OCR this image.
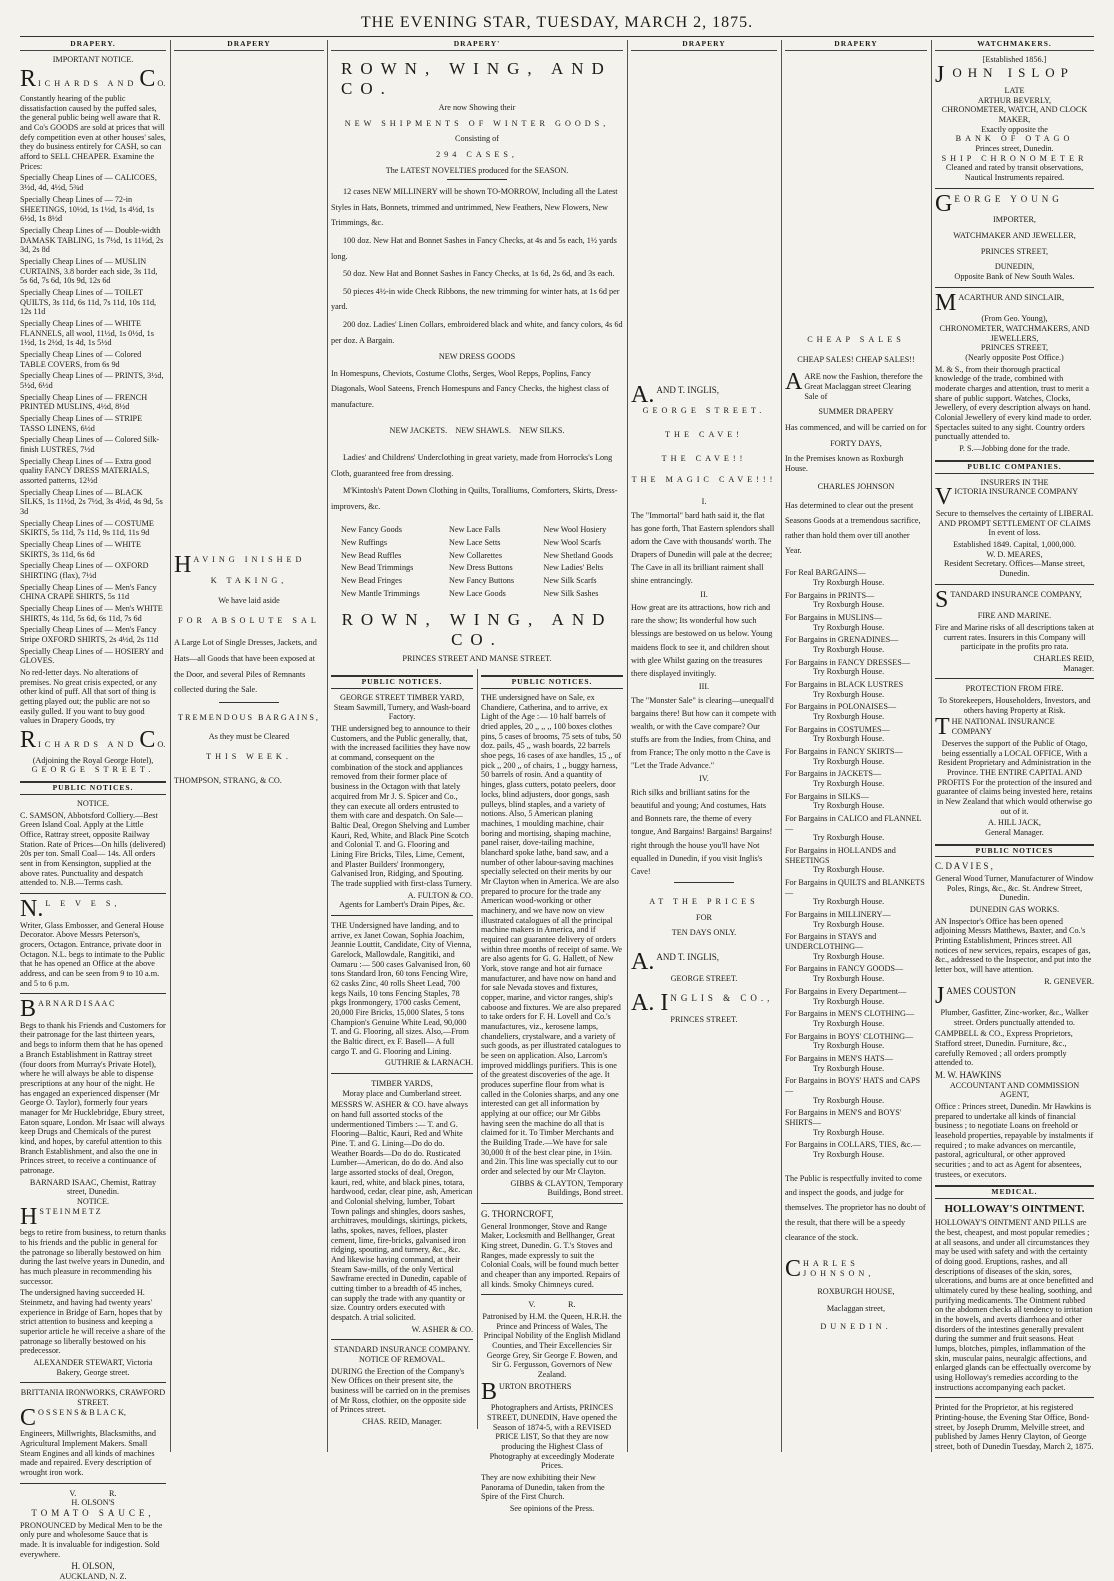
THE EVENING STAR, TUESDAY, MARCH 2, 1875.
DRAPERY.
IMPORTANT NOTICE.
RICHARDS AND C O.

Constantly hearing of the public dissatisfaction caused by the puffed sales, the general public being well aware that R. and Co's GOODS are sold at prices that will defy competition even at other houses' sales, they do business entirely for CASH, so can afford to SELL CHEAPER. Examine the Prices:

Specially Cheap Lines of — CALICOES, 3½d, 4d, 4½d, 5¾d

Specially Cheap Lines of — 72-in SHEETINGS, 10½d, 1s 1½d, 1s 4½d, 1s 6½d, 1s 8½d

Specially Cheap Lines of — Double-width DAMASK TABLING, 1s 7½d, 1s 11½d, 2s 3d, 2s 8d

Specially Cheap Lines of — MUSLIN CURTAINS, 3.8 border each side, 3s 11d, 5s 6d, 7s 6d, 10s 9d, 12s 6d

Specially Cheap Lines of — TOILET QUILTS, 3s 11d, 6s 11d, 7s 11d, 10s 11d, 12s 11d

Specially Cheap Lines of — WHITE FLANNELS, all wool, 11½d, 1s 0½d, 1s 1½d, 1s 2½d, 1s 4d, 1s 5½d

Specially Cheap Lines of — Colored TABLE COVERS, from 6s 9d

Specially Cheap Lines of — PRINTS, 3½d, 5½d, 6½d

Specially Cheap Lines of — FRENCH PRINTED MUSLINS, 4½d, 8½d

Specially Cheap Lines of — STRIPE TASSO LINENS, 6½d

Specially Cheap Lines of — Colored Silk-finish LUSTRES, 7½d

Specially Cheap Lines of — Extra good quality FANCY DRESS MATERIALS, assorted patterns, 12½d

Specially Cheap Lines of — BLACK SILKS, 1s 11½d, 2s 7½d, 3s 4½d, 4s 9d, 5s 3d

Specially Cheap Lines of — COSTUME SKIRTS, 5s 11d, 7s 11d, 9s 11d, 11s 9d

Specially Cheap Lines of — WHITE SKIRTS, 3s 11d, 6s 6d

Specially Cheap Lines of — OXFORD SHIRTING (flax), 7½d

Specially Cheap Lines of — Men's Fancy CHINA CRAPE SHIRTS, 5s 11d

Specially Cheap Lines of — Men's WHITE SHIRTS, 4s 11d, 5s 6d, 6s 11d, 7s 6d

Specially Cheap Lines of — Men's Fancy Stripe OXFORD SHIRTS, 2s 4½d, 2s 11d

Specially Cheap Lines of — HOSIERY and GLOVES.

No red-letter days. No alterations of premises. No great crisis expected, or any other kind of puff. All that sort of thing is getting played out; the public are not so easily gulled. If you want to buy good values in Drapery Goods, try

RICHARDS AND C O.
(Adjoining the Royal George Hotel),
GEORGE STREET.
PUBLIC NOTICES.
NOTICE.

C. SAMSON, Abbotsford Colliery.—Best Green Island Coal. Apply at the Little Office, Rattray street, opposite Railway Station. Rate of Prices—On hills (delivered) 20s per ton. Small Coal— 14s. All orders sent in from Kensington, supplied at the above rates. Punctuality and despatch attended to. N.B.—Terms cash.

N. L E V E S,

Writer, Glass Embosser, and General House Decorator. Above Messrs Peterson's, grocers, Octagon. Entrance, private door in Octagon. N.L. begs to intimate to the Public that he has opened an Office at the above address, and can be seen from 9 to 10 a.m. and 5 to 6 p.m.

B A R N A R D I S A A C

Begs to thank his Friends and Customers for their patronage for the last thirteen years, and begs to inform them that he has opened a Branch Establishment in Rattray street (four doors from Murray's Private Hotel), where he will always be able to dispense prescriptions at any hour of the night. He has engaged an experienced dispenser (Mr George O. Taylor), formerly four years manager for Mr Hucklebridge, Ebury street, Eaton square, London. Mr Isaac will always keep Drugs and Chemicals of the purest kind, and hopes, by careful attention to this Branch Establishment, and also the one in Princes street, to receive a continuance of patronage.

BARNARD ISAAC, Chemist, Rattray street, Dunedin.
NOTICE.
H S T E I N M E T Z

begs to retire from business, to return thanks to his friends and the public in general for the patronage so liberally bestowed on him during the last twelve years in Dunedin, and has much pleasure in recommending his successor.

The undersigned having succeeded H. Steinmetz, and having had twenty years' experience in Bridge of Earn, hopes that by strict attention to business and keeping a superior article he will receive a share of the patronage so liberally bestowed on his predecessor.

ALEXANDER STEWART, Victoria Bakery, George street.
BRITTANIA IRONWORKS, CRAWFORD STREET.
C O S S E N S & B L A C K,

Engineers, Millwrights, Blacksmiths, and Agricultural Implement Makers. Small Steam Engines and all kinds of machines made and repaired. Every description of wrought iron work.

V.                R.
H. OLSON'S
TOMATO SAUCE,

PRONOUNCED by Medical Men to be the only pure and wholesome Sauce that is made. It is invaluable for indigestion. Sold everywhere.

H. OLSON,
AUCKLAND, N. Z.
DRAPERY
HAVING INISHED
K TAKING,
We have laid aside
FOR ABSOLUTE SAL

A Large Lot of Single Dresses, Jackets, and Hats—all Goods that have been exposed at the Door, and several Piles of Remnants collected during the Sale.

TREMENDOUS BARGAINS,
As they must be Cleared
THIS WEEK.
THOMPSON, STRANG, & CO.
DRAPERY'
ROWN, WING, AND CO.
Are now Showing their
NEW SHIPMENTS OF WINTER GOODS,
Consisting of
294 CASES,
The LATEST NOVELTIES produced for the SEASON.

12 cases NEW MILLINERY will be shown TO-MORROW, Including all the Latest Styles in Hats, Bonnets, trimmed and untrimmed, New Feathers, New Flowers, New Trimmings, &c.

100 doz. New Hat and Bonnet Sashes in Fancy Checks, at 4s and 5s each, 1½ yards long.

50 doz. New Hat and Bonnet Sashes in Fancy Checks, at 1s 6d, 2s 6d, and 3s each.

50 pieces 4½-in wide Check Ribbons, the new trimming for winter hats, at 1s 6d per yard.

200 doz. Ladies' Linen Collars, embroidered black and white, and fancy colors, 4s 6d per doz. A Bargain.

NEW DRESS GOODS

In Homespuns, Cheviots, Costume Cloths, Serges, Wool Repps, Poplins, Fancy Diagonals, Wool Sateens, French Homespuns and Fancy Checks, the highest class of manufacture.

NEW JACKETS.    NEW SHAWLS.    NEW SILKS.

Ladies' and Childrens' Underclothing in great variety, made from Horrocks's Long Cloth, guaranteed free from dressing.

M'Kintosh's Patent Down Clothing in Quilts, Toralliums, Comforters, Skirts, Dress-improvers, &c.

New Fancy Goods

New Ruffings

New Bead Ruffles

New Bead Trimmings

New Bead Fringes

New Mantle Trimmings

New Lace Falls

New Lace Setts

New Collarettes

New Dress Buttons

New Fancy Buttons

New Lace Goods

New Wool Hosiery

New Wool Scarfs

New Shetland Goods

New Ladies' Belts

New Silk Scarfs

New Silk Sashes

ROWN, WING, AND CO.
PRINCES STREET AND MANSE STREET.
PUBLIC NOTICES.
GEORGE STREET TIMBER YARD, Steam Sawmill, Turnery, and Wash-board Factory.

THE undersigned beg to announce to their Customers, and the Public generally, that, with the increased facilities they have now at command, consequent on the combination of the stock and appliances removed from their former place of business in the Octagon with that lately acquired from Mr J. S. Spicer and Co., they can execute all orders entrusted to them with care and despatch. On Sale— Baltic Deal, Oregon Shelving and Lumber Kauri, Red, White, and Black Pine Scotch and Colonial T. and G. Flooring and Lining Fire Bricks, Tiles, Lime, Cement, and Plaster Builders' Ironmongery, Galvanised Iron, Ridging, and Spouting. The trade supplied with first-class Turnery.

A. FULTON & CO.
Agents for Lambert's Drain Pipes, &c.

THE Undersigned have landing, and to arrive, ex Janet Cowan, Sophia Joachim, Jeannie Louttit, Candidate, City of Vienna, Garelock, Mallowdale, Rangitiki, and Oamaru :— 500 cases Galvanised Iron, 60 tons Standard Iron, 60 tons Fencing Wire, 62 casks Zinc, 40 rolls Sheet Lead, 700 kegs Nails, 10 tons Fencing Staples, 78 pkgs Ironmongery, 1700 casks Cement, 20,000 Fire Bricks, 15,000 Slates, 5 tons Champion's Genuine White Lead, 90,000 T. and G. Flooring, all sizes. Also,—From the Baltic direct, ex F. Basell— A full cargo T. and G. Flooring and Lining.

GUTHRIE & LARNACH.
TIMBER YARDS,
Moray place and Cumberland street.

MESSRS W. ASHER & CO. have always on hand full assorted stocks of the undermentioned Timbers :— T. and G. Flooring—Baltic, Kauri, Red and White Pine. T. and G. Lining—Do do do. Weather Boards—Do do do. Rusticated Lumber—American, do do do. And also large assorted stocks of deal, Oregon, kauri, red, white, and black pines, totara, hardwood, cedar, clear pine, ash, American and Colonial shelving, lumber, Tobart Town palings and shingles, doors sashes, architraves, mouldings, skirtings, pickets, laths, spokes, naves, felloes, plaster cement, lime, fire-bricks, galvanised iron ridging, spouting, and turnery, &c., &c. And likewise having command, at their Steam Saw-mills, of the only Vertical Sawframe erected in Dunedin, capable of cutting timber to a breadth of 45 inches, can supply the trade with any quantity or size. Country orders executed with despatch. A trial solicited.

W. ASHER & CO.
STANDARD INSURANCE COMPANY.
NOTICE OF REMOVAL.

DURING the Erection of the Company's New Offices on their present site, the business will be carried on in the premises of Mr Ross, clothier, on the opposite side of Princes street.

CHAS. REID, Manager.
PUBLIC NOTICES.

THE undersigned have on Sale, ex Chandiere, Catherina, and to arrive, ex Light of the Age :— 10 half barrels of dried apples, 20 ,, ,, ,, 100 boxes clothes pins, 5 cases of brooms, 75 sets of tubs, 50 doz. pails, 45 ,, wash boards, 22 barrels shoe pegs, 16 cases of axe handles, 15 ,, of pick ,, 200 ,, of chairs, 1 ,, buggy harness, 50 barrels of rosin. And a quantity of hinges, glass cutters, potato peelers, door locks, blind adjusters, door gongs, sash pulleys, blind staples, and a variety of notions. Also, 5 American planing machines, 1 moulding machine, chair boring and mortising, shaping machine, panel raiser, dove-tailing machine, blanchard spoke lathe, band saw, and a number of other labour-saving machines specially selected on their merits by our Mr Clayton when in America. We are also prepared to procure for the trade any American wood-working or other machinery, and we have now on view illustrated catalogues of all the principal machine makers in America, and if required can guarantee delivery of orders within three months of receipt of same. We are also agents for G. G. Hallett, of New York, stove range and hot air furnace manufacturer, and have now on hand and for sale Nevada stoves and fixtures, copper, marine, and victor ranges, ship's caboose and fixtures. We are also prepared to take orders for F. H. Lovell and Co.'s manufactures, viz., kerosene lamps, chandeliers, crystalware, and a variety of such goods, as per illustrated catalogues to be seen on application. Also, Larcom's improved middlings purifiers. This is one of the greatest discoveries of the age. It produces superfine flour from what is called in the Colonies sharps, and any one interested can get all information by applying at our office; our Mr Gibbs having seen the machine do all that is claimed for it. To Timber Merchants and the Building Trade.—We have for sale 30,000 ft of the best clear pine, in 1½in. and 2in. This line was specially cut to our order and selected by our Mr Clayton.

GIBBS & CLAYTON, Temporary Buildings, Bond street.
G. THORNCROFT,

General Ironmonger, Stove and Range Maker, Locksmith and Bellhanger, Great King street, Dunedin. G. T.'s Stoves and Ranges, made expressly to suit the Colonial Coals, will be found much better and cheaper than any imported. Repairs of all kinds. Smoky Chimneys cured.

V.                R.

Patronised by H.M. the Queen, H.R.H. the Prince and Princess of Wales, The Principal Nobility of the English Midland Counties, and Their Excellencies Sir George Grey, Sir George F. Bowen, and Sir G. Fergusson, Governors of New Zealand.

BURTON BROTHERS

Photographers and Artists, PRINCES STREET, DUNEDIN, Have opened the Season of 1874-5, with a REVISED PRICE LIST, So that they are now producing the Highest Class of Photography at exceedingly Moderate Prices.

They are now exhibiting their New Panorama of Dunedin, taken from the Spire of the First Church.

See opinions of the Press.
DRAPERY
A. AND T. INGLIS,
GEORGE STREET.
THE CAVE!
THE CAVE!!
THE MAGIC CAVE!!!
I.

The "Immortal" bard hath said it, the flat has gone forth, That Eastern splendors shall adorn the Cave with thousands' worth. The Drapers of Dunedin will pale at the decree; The Cave in all its brilliant raiment shall shine entrancingly.

II.

How great are its attractions, how rich and rare the show; Its wonderful how such blessings are bestowed on us below. Young maidens flock to see it, and children shout with glee Whilst gazing on the treasures there displayed invitingly.

III.

The "Monster Sale" is clearing—unequall'd bargains there! But how can it compete with wealth, or with the Cave compare? Our stuffs are from the Indies, from China, and from France; The only motto n the Cave is "Let the Trade Advance."

IV.

Rich silks and brilliant satins for the beautiful and young; And costumes, Hats and Bonnets rare, the theme of every tongue, And Bargains! Bargains! Bargains! right through the house you'll have Not equalled in Dunedin, if you visit Inglis's Cave!

AT THE PRICES
FOR
TEN DAYS ONLY.
A. AND T. INGLIS,
GEORGE STREET.
A. I NGLIS & CO.,
PRINCES STREET.
DRAPERY
CHEAP SALES
CHEAP SALES! CHEAP SALES!!
AARE now the Fashion, therefore the Great Maclaggan street Clearing Sale of
SUMMER DRAPERY

Has commenced, and will be carried on for

FORTY DAYS,

In the Premises known as Roxburgh House.

CHARLES JOHNSON

Has determined to clear out the present Seasons Goods at a tremendous sacrifice, rather than hold them over till another Year.

For Real BARGAINS—

Try Roxburgh House.

For Bargains in PRINTS—

Try Roxburgh House.

For Bargains in MUSLINS—

Try Roxburgh House.

For Bargains in GRENADINES—

Try Roxburgh House.

For Bargains in FANCY DRESSES—

Try Roxburgh House.

For Bargains in BLACK LUSTRES

Try Roxburgh House.

For Bargains in POLONAISES—

Try Roxburgh House.

For Bargains in COSTUMES—

Try Roxburgh House.

For Bargains in FANCY SKIRTS—

Try Roxburgh House.

For Bargains in JACKETS—

Try Roxburgh House.

For Bargains in SILKS—

Try Roxburgh House.

For Bargains in CALICO and FLANNEL—

Try Roxburgh House.

For Bargains in HOLLANDS and SHEETINGS

Try Roxburgh House.

For Bargains in QUILTS and BLANKETS—

Try Roxburgh House.

For Bargains in MILLINERY—

Try Roxburgh House.

For Bargains in STAYS and UNDERCLOTHING—

Try Roxburgh House.

For Bargains in FANCY GOODS—

Try Roxburgh House.

For Bargains in Every Department—

Try Roxburgh House.

For Bargains in MEN'S CLOTHING—

Try Roxburgh House.

For Bargains in BOYS' CLOTHING—

Try Roxburgh House.

For Bargains in MEN'S HATS—

Try Roxburgh House.

For Bargains in BOYS' HATS and CAPS—

Try Roxburgh House.

For Bargains in MEN'S and BOYS' SHIRTS—

Try Roxburgh House.

For Bargains in COLLARS, TIES, &c.—

Try Roxburgh House.

The Public is respectfully invited to come and inspect the goods, and judge for themselves. The proprietor has no doubt of the result, that there will be a speedy clearance of the stock.

CHARLES JOHNSON,
ROXBURGH HOUSE,
Maclaggan street,
DUNEDIN.
WATCHMAKERS.
[Established 1856.]
JOHN ISLOP
LATE
ARTHUR BEVERLY,
CHRONOMETER, WATCH, AND CLOCK MAKER,
Exactly opposite the
BANK OF OTAGO
Princes street, Dunedin.
SHIP CHRONOMETER
Cleaned and rated by transit observations, Nautical Instruments repaired.
GEORGE YOUNG
IMPORTER,
WATCHMAKER AND JEWELLER,
PRINCES STREET,
DUNEDIN,
Opposite Bank of New South Wales.
MACARTHUR AND SINCLAIR,
(From Geo. Young),
CHRONOMETER, WATCHMAKERS, AND JEWELLERS,
PRINCES STREET,
(Nearly opposite Post Office.)

M. & S., from their thorough practical knowledge of the trade, combined with moderate charges and attention, trust to merit a share of public support. Watches, Clocks, Jewellery, of every description always on hand. Colonial Jewellery of every kind made to order. Spectacles suited to any sight. Country orders punctually attended to.

P. S.—Jobbing done for the trade.
PUBLIC COMPANIES.
INSURERS IN THE
VICTORIA INSURANCE COMPANY

Secure to themselves the certainty of LIBERAL AND PROMPT SETTLEMENT OF CLAIMS In event of loss.

Established 1849. Capital, 1,000,000.
W. D. MEARES,
Resident Secretary. Offices—Manse street, Dunedin.
STANDARD INSURANCE COMPANY,
FIRE AND MARINE.

Fire and Marine risks of all descriptions taken at current rates. Insurers in this Company will participate in the profits pro rata.

CHARLES REID,
Manager.
PROTECTION FROM FIRE.

To Storekeepers, Householders, Investors, and others having Property at Risk.

THE NATIONAL INSURANCE COMPANY

Deserves the support of the Public of Otago, being essentially a LOCAL OFFICE, With a Resident Proprietary and Administration in the Province. THE ENTIRE CAPITAL AND PROFITS For the protection of the insured and guarantee of claims being invested here, retains in New Zealand that which would otherwise go out of it.

A. HILL JACK,
General Manager.
PUBLIC NOTICES
C. D A V I E S ,

General Wood Turner, Manufacturer of Window Poles, Rings, &c., &c. St. Andrew Street, Dunedin.

DUNEDIN GAS WORKS.

AN Inspector's Office has been opened adjoining Messrs Matthews, Baxter, and Co.'s Printing Establishment, Princes street. All notices of new services, repairs, escapes of gas, &c., addressed to the Inspector, and put into the letter box, will have attention.

R. GENEVER.
JAMES COUSTON

Plumber, Gasfitter, Zinc-worker, &c., Walker street. Orders punctually attended to.

CAMPBELL & CO., Express Proprietors, Stafford street, Dunedin. Furniture, &c., carefully Removed ; all orders promptly attended to.

M. W. HAWKINS
ACCOUNTANT AND COMMISSION AGENT,

Office : Princes street, Dunedin. Mr Hawkins is prepared to undertake all kinds of financial business ; to negotiate Loans on freehold or leasehold properties, repayable by instalments if required ; to make advances on mercantile, pastoral, agricultural, or other approved securities ; and to act as Agent for absentees, trustees, or executors.

MEDICAL.
HOLLOWAY'S OINTMENT.

HOLLOWAY'S OINTMENT AND PILLS are the best, cheapest, and most popular remedies ; at all seasons, and under all circumstances they may be used with safety and with the certainty of doing good. Eruptions, rashes, and all descriptions of diseases of the skin, sores, ulcerations, and burns are at once benefitted and ultimately cured by these healing, soothing, and purifying medicaments. The Ointment rubbed on the abdomen checks all tendency to irritation in the bowels, and averts diarrhoea and other disorders of the intestines generally prevalent during the summer and fruit seasons. Heat lumps, blotches, pimples, inflammation of the skin, muscular pains, neuralgic affections, and enlarged glands can be effectually overcome by using Holloway's remedies according to the instructions accompanying each packet.

Printed for the Proprietor, at his registered Printing-house, the Evening Star Office, Bond-street, by Joseph Drumm, Melville street, and published by James Henry Clayton, of George street, both of Dunedin Tuesday, March 2, 1875.
